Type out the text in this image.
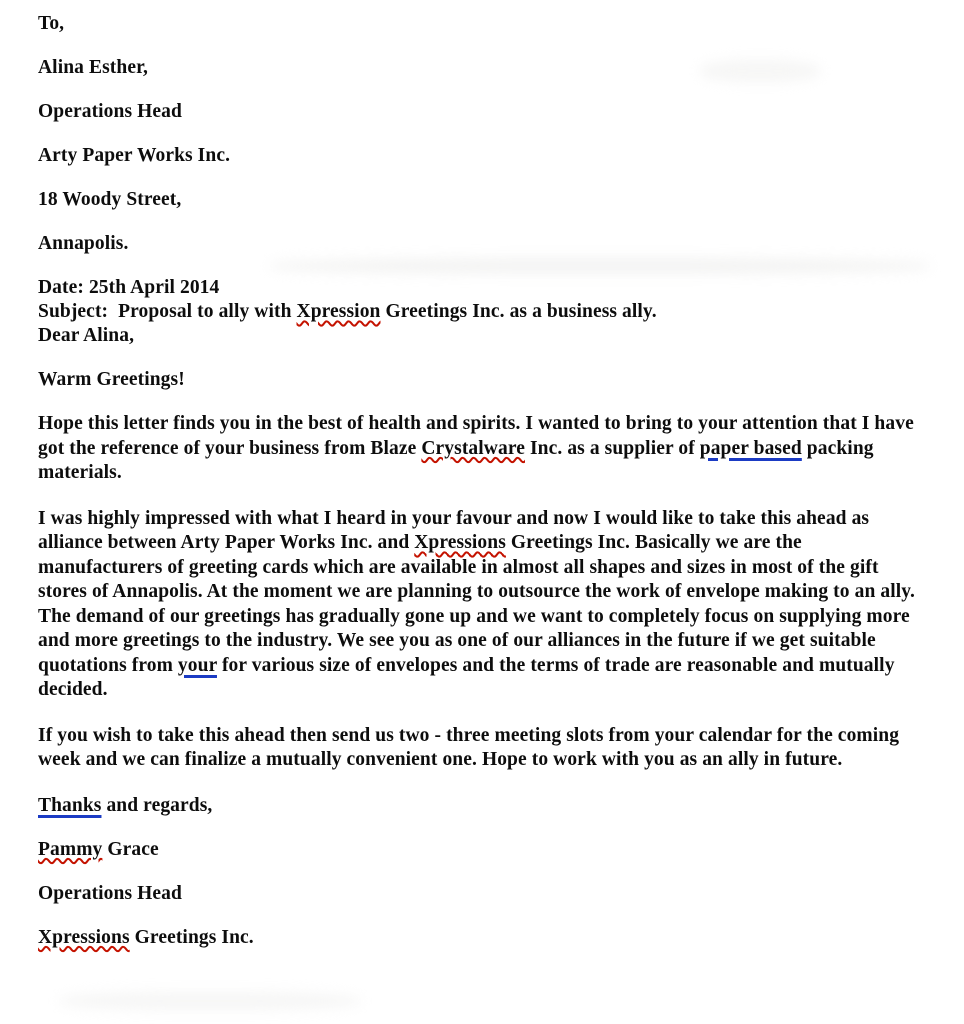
To,

Alina Esther,

Operations Head

Arty Paper Works Inc.

18 Woody Street,

Annapolis.

Date: 25th April 2014

Subject:  Proposal to ally with Xpression Greetings Inc. as a business ally.

Dear Alina,

Warm Greetings!

Hope this letter finds you in the best of health and spirits. I wanted to bring to your attention that I have got the reference of your business from Blaze Crystalware Inc. as a supplier of paper based packing materials.

I was highly impressed with what I heard in your favour and now I would like to take this ahead as alliance between Arty Paper Works Inc. and Xpressions Greetings Inc. Basically we are the manufacturers of greeting cards which are available in almost all shapes and sizes in most of the gift stores of Annapolis. At the moment we are planning to outsource the work of envelope making to an ally. The demand of our greetings has gradually gone up and we want to completely focus on supplying more and more greetings to the industry. We see you as one of our alliances in the future if we get suitable quotations from your for various size of envelopes and the terms of trade are reasonable and mutually decided.

If you wish to take this ahead then send us two - three meeting slots from your calendar for the coming week and we can finalize a mutually convenient one. Hope to work with you as an ally in future.

Thanks and regards,

Pammy Grace

Operations Head

Xpressions Greetings Inc.
